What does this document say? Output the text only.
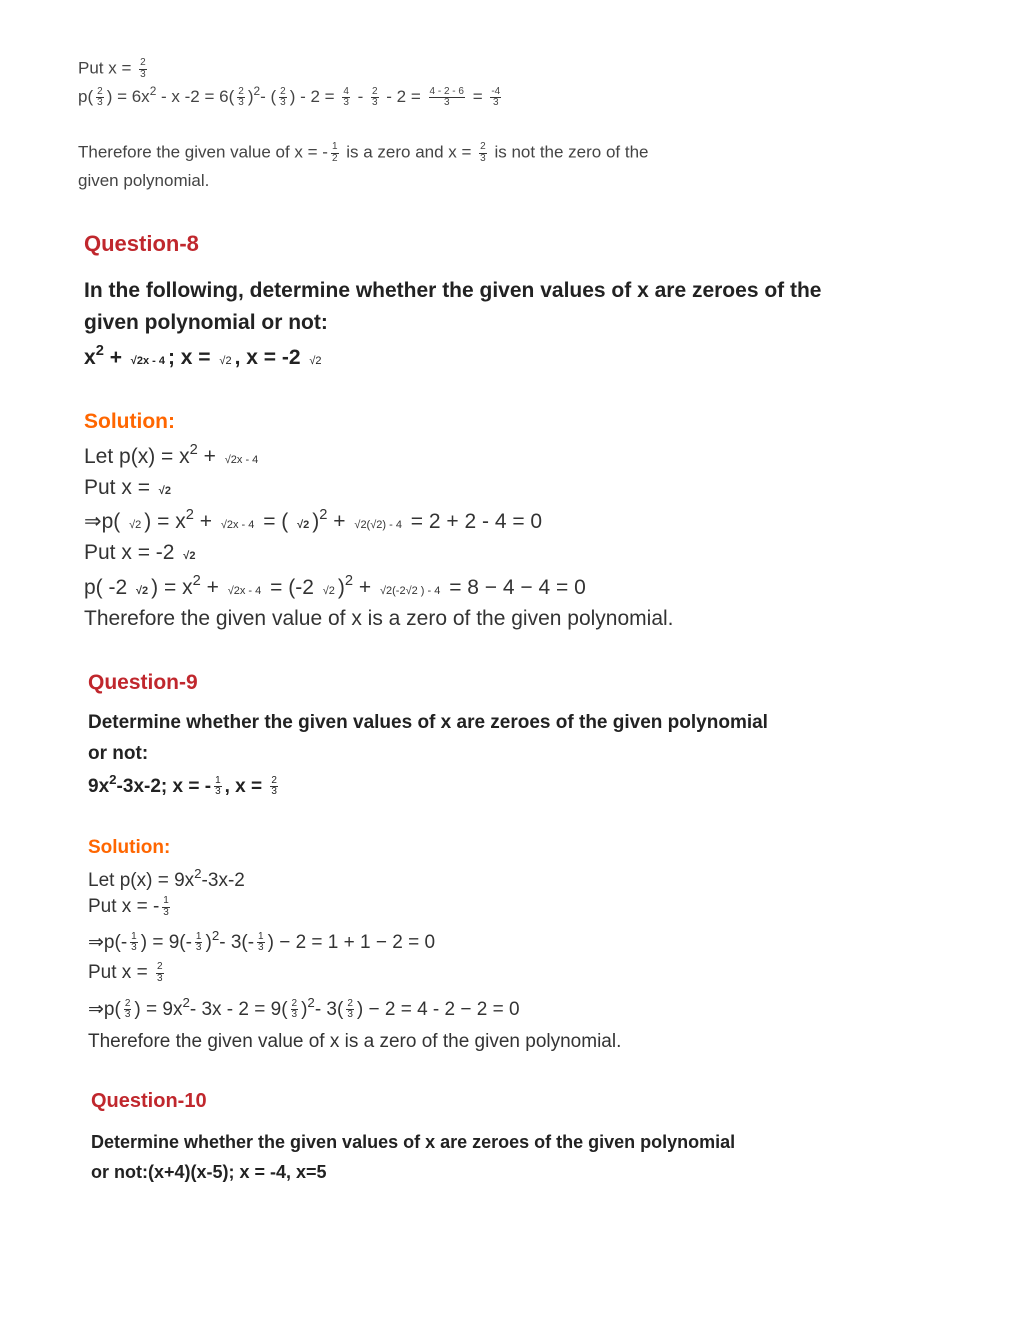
Put $x = \frac{2}{3}$
$p( \frac{2}{3}$ ) = $6x^2$ - x $-2 = 6( \frac{2}{3} )^2-$ ( $\frac{2}{3}$ ) - $2 = \frac{4}{3} - \frac{2}{3} - 2 = \frac{4 - 2 - 6}{3} = \frac{-4}{3}$
Therefore the given value of x = - $\frac{1}{2}$ is a zero and $x = \frac{2}{3}$ is not the zero of the
given polynomial.
Question-8
In the following, determine whether the given values of x are zeroes of the
given polynomial or not:
$x^2 + √2x - 4$ ; x = √2 , x = -2 √2
Solution:
Let $p(x) = x^2 + √2x - 4$
Put x = √2
⇒p( √2 ) = $x^2 + √2x - 4$ = ( √2 )$^2$ + √2(√2) - 4 = 2 + 2 - 4 = 0
Put x = -2 √2
p( -2 √2 ) = $x^2 + √2x - 4 = (-2$ √2 )$^2$ + √2(-2√2 ) - 4 = 8 − 4 − 4 = 0
Therefore the given value of x is a zero of the given polynomial.
Question-9
Determine whether the given values of x are zeroes of the given polynomial
or not:
$9x^2-3x-2$; x = - $\frac{1}{3}$ , $x = \frac{2}{3}$
Solution:
Let $p(x) = 9x^2-3x-2$
Put x = - $\frac{1}{3}$
⇒p(- $\frac{1}{3}$ ) = $9(- \frac{1}{3} )^2-$ $3(- \frac{1}{3}$ ) − 2 = 1 + 1 − 2 = 0
Put $x = \frac{2}{3}$
⇒p( $\frac{2}{3}$ ) = $9x^2-$ $3x - 2 = 9( \frac{2}{3} )^2-$ $3( \frac{2}{3}$ ) − 2 = 4 - 2 − 2 = 0
Therefore the given value of x is a zero of the given polynomial.
Question-10
Determine whether the given values of x are zeroes of the given polynomial
or not:(x+4)(x-5); x = -4, x=5
